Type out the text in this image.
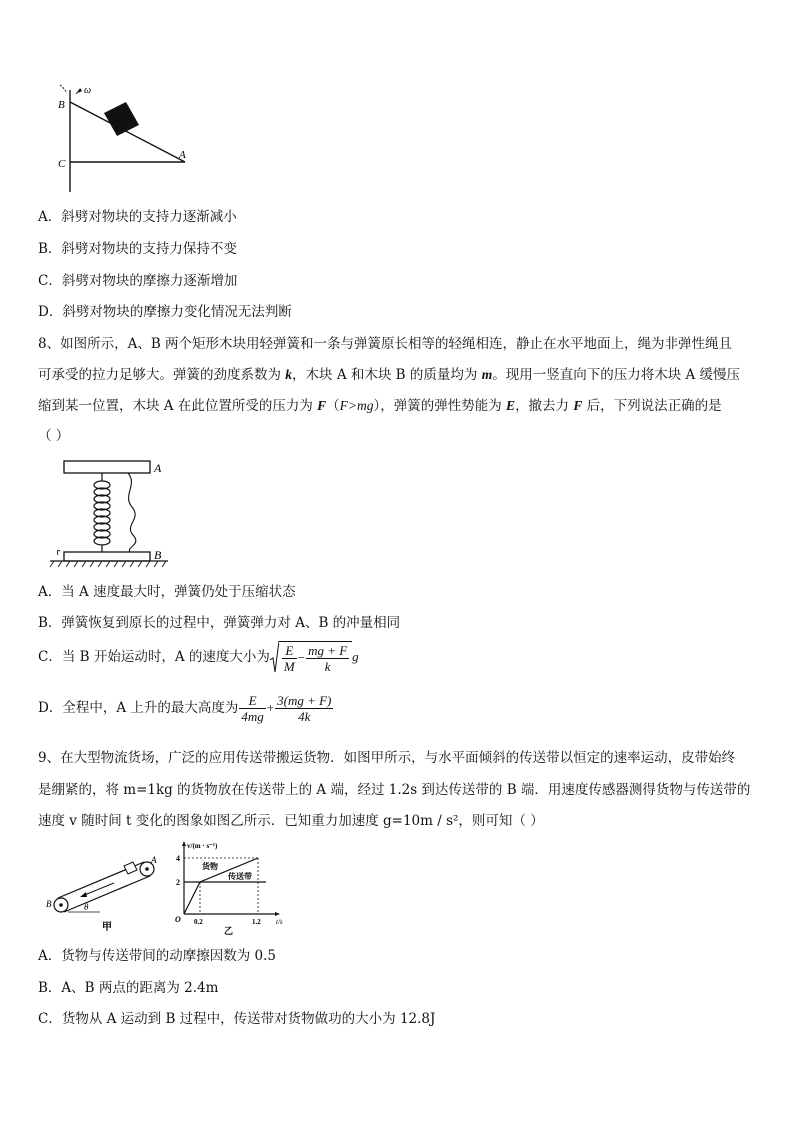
ω
B
C
A
A．斜劈对物块的支持力逐渐减小
B．斜劈对物块的支持力保持不变
C．斜劈对物块的摩擦力逐渐增加
D．斜劈对物块的摩擦力变化情况无法判断
8、如图所示，A、B 两个矩形木块用轻弹簧和一条与弹簧原长相等的轻绳相连，静止在水平地面上，绳为非弹性绳且
可承受的拉力足够大。弹簧的劲度系数为 k，木块 A 和木块 B 的质量均为 m。现用一竖直向下的压力将木块 A 缓慢压
缩到某一位置，木块 A 在此位置所受的压力为 F（F>mg），弹簧的弹性势能为 E，撤去力 F 后，下列说法正确的是
（ ）
A
B
A．当 A 速度最大时，弹簧仍处于压缩状态
B．弹簧恢复到原长的过程中，弹簧弹力对 A、B 的冲量相同
C．当 B 开始运动时，A 的速度大小为 $\frac{E}{M} - \frac{mg + F}{k}$ g
D．全程中，A 上升的最大高度为 $\frac{E}{4mg} + \frac{3(mg + F)}{4k}$
9、在大型物流货场，广泛的应用传送带搬运货物．如图甲所示，与水平面倾斜的传送带以恒定的速率运动，皮带始终
是绷紧的，将 m=1kg 的货物放在传送带上的 A 端，经过 1.2s 到达传送带的 B 端．用速度传感器测得货物与传送带的
速度 v 随时间 t 变化的图象如图乙所示．已知重力加速度 g=10m / s²，则可知（ ）
θ
A
B
甲
v/(m · s⁻¹)
t/s
4
2
O 0.2	1.2
货物
传送带
乙
A．货物与传送带间的动摩擦因数为 0.5
B．A、B 两点的距离为 2.4m
C．货物从 A 运动到 B 过程中，传送带对货物做功的大小为 12.8J
